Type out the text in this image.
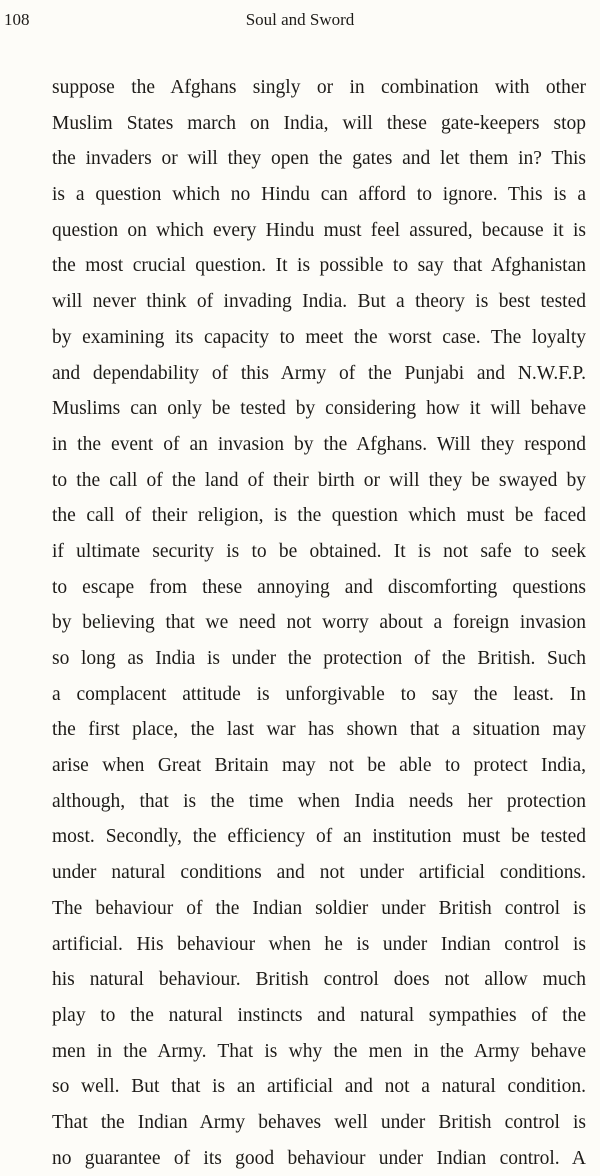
108	Soul and Sword
suppose the Afghans singly or in combination with other
Muslim States march on India, will these gate-keepers stop
the invaders or will they open the gates and let them in? This
is a question which no Hindu can afford to ignore. This is a
question on which every Hindu must feel assured, because it is
the most crucial question. It is possible to say that Afghanistan
will never think of invading India. But a theory is best tested
by examining its capacity to meet the worst case. The loyalty
and dependability of this Army of the Punjabi and N.W.F.P.
Muslims can only be tested by considering how it will behave
in the event of an invasion by the Afghans. Will they respond
to the call of the land of their birth or will they be swayed by
the call of their religion, is the question which must be faced
if ultimate security is to be obtained. It is not safe to seek
to escape from these annoying and discomforting questions
by believing that we need not worry about a foreign invasion
so long as India is under the protection of the British. Such
a complacent attitude is unforgivable to say the least. In
the first place, the last war has shown that a situation may
arise when Great Britain may not be able to protect India,
although, that is the time when India needs her protection
most. Secondly, the efficiency of an institution must be tested
under natural conditions and not under artificial conditions.
The behaviour of the Indian soldier under British control is
artificial. His behaviour when he is under Indian control is
his natural behaviour. British control does not allow much
play to the natural instincts and natural sympathies of the
men in the Army. That is why the men in the Army behave
so well. But that is an artificial and not a natural condition.
That the Indian Army behaves well under British control is
no guarantee of its good behaviour under Indian control. A
